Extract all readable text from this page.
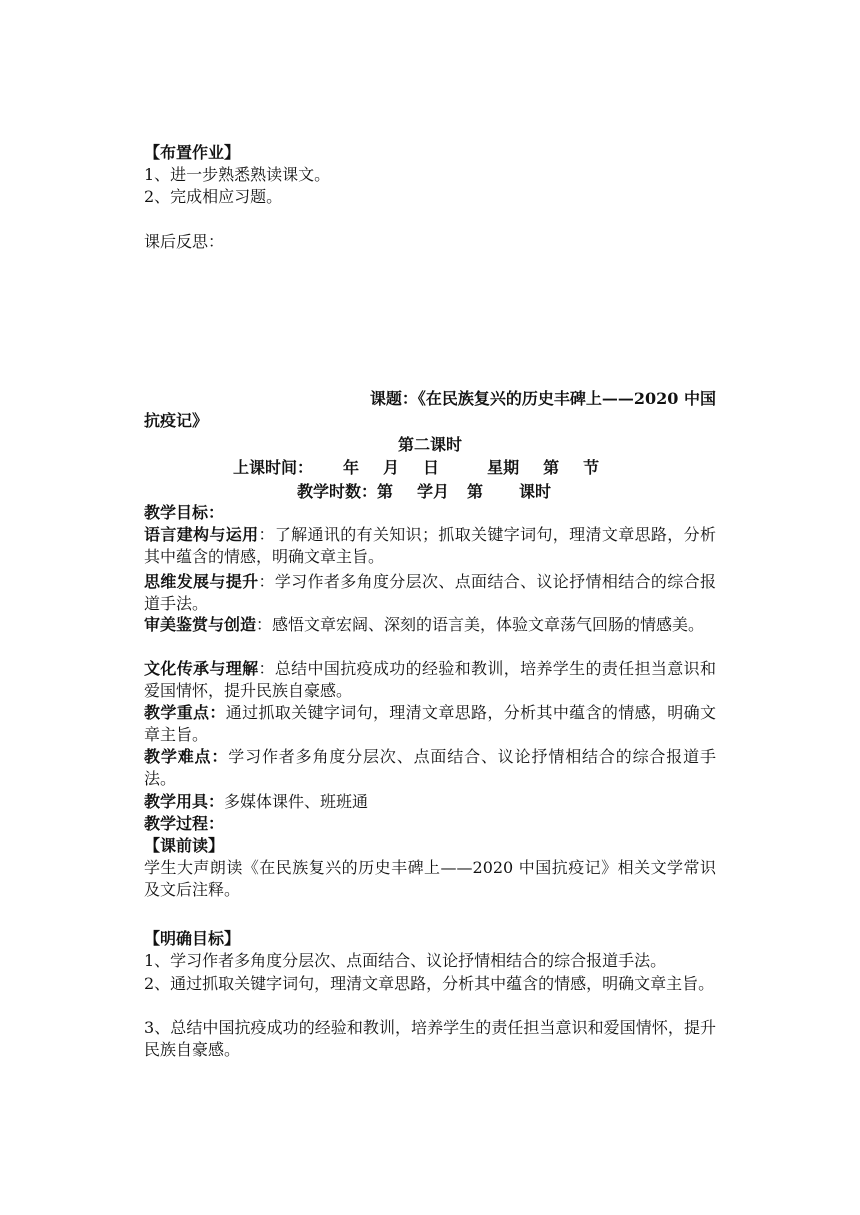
【布置作业】
1、进一步熟悉熟读课文。
2、完成相应习题。
课后反思：
课题：《在民族复兴的历史丰碑上——2020 中国
抗疫记》
第二课时
上课时间： 年 月 日	星期 第 节
教学时数：第 学月 第 课时
教学目标：
语言建构与运用：了解通讯的有关知识；抓取关键字词句，理清文章思路，分析其中蕴含的情感，明确文章主旨。
思维发展与提升：学习作者多角度分层次、点面结合、议论抒情相结合的综合报道手法。
审美鉴赏与创造：感悟文章宏阔、深刻的语言美，体验文章荡气回肠的情感美。
文化传承与理解：总结中国抗疫成功的经验和教训，培养学生的责任担当意识和爱国情怀，提升民族自豪感。
教学重点：通过抓取关键字词句，理清文章思路，分析其中蕴含的情感，明确文章主旨。
教学难点：学习作者多角度分层次、点面结合、议论抒情相结合的综合报道手法。
教学用具：多媒体课件、班班通
教学过程：
【课前读】
学生大声朗读《在民族复兴的历史丰碑上——2020 中国抗疫记》相关文学常识及文后注释。
【明确目标】
1、学习作者多角度分层次、点面结合、议论抒情相结合的综合报道手法。
2、通过抓取关键字词句，理清文章思路，分析其中蕴含的情感，明确文章主旨。
3、总结中国抗疫成功的经验和教训，培养学生的责任担当意识和爱国情怀，提升民族自豪感。
